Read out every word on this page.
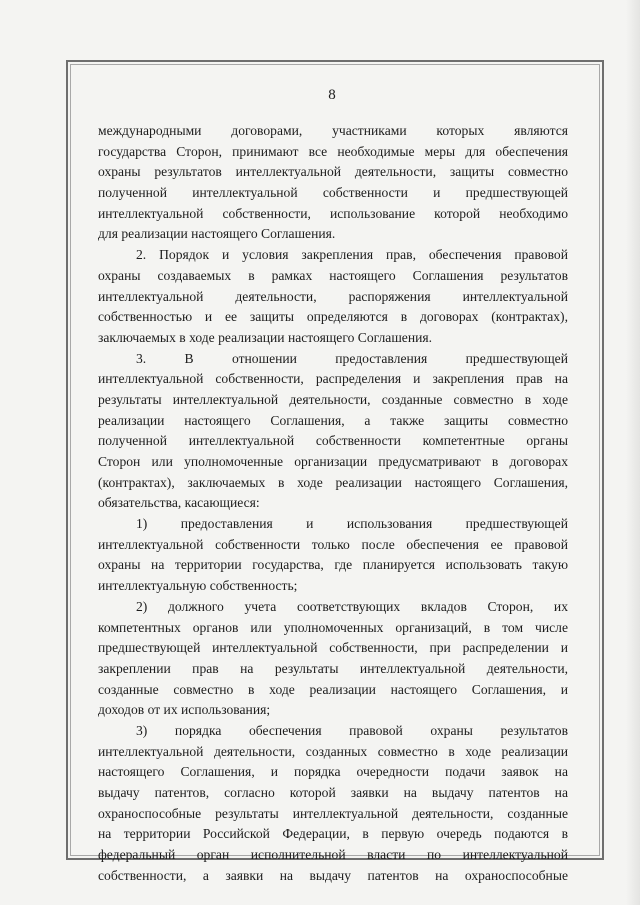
8
международными договорами, участниками которых являются
государства Сторон, принимают все необходимые меры для обеспечения
охраны результатов интеллектуальной деятельности, защиты совместно
полученной интеллектуальной собственности и предшествующей
интеллектуальной собственности, использование которой необходимо
для реализации настоящего Соглашения.
2. Порядок и условия закрепления прав, обеспечения правовой
охраны создаваемых в рамках настоящего Соглашения результатов
интеллектуальной деятельности, распоряжения интеллектуальной
собственностью и ее защиты определяются в договорах (контрактах),
заключаемых в ходе реализации настоящего Соглашения.
3. В отношении предоставления предшествующей
интеллектуальной собственности, распределения и закрепления прав на
результаты интеллектуальной деятельности, созданные совместно в ходе
реализации настоящего Соглашения, а также защиты совместно
полученной интеллектуальной собственности компетентные органы
Сторон или уполномоченные организации предусматривают в договорах
(контрактах), заключаемых в ходе реализации настоящего Соглашения,
обязательства, касающиеся:
1) предоставления и использования предшествующей
интеллектуальной собственности только после обеспечения ее правовой
охраны на территории государства, где планируется использовать такую
интеллектуальную собственность;
2) должного учета соответствующих вкладов Сторон, их
компетентных органов или уполномоченных организаций, в том числе
предшествующей интеллектуальной собственности, при распределении и
закреплении прав на результаты интеллектуальной деятельности,
созданные совместно в ходе реализации настоящего Соглашения, и
доходов от их использования;
3) порядка обеспечения правовой охраны результатов
интеллектуальной деятельности, созданных совместно в ходе реализации
настоящего Соглашения, и порядка очередности подачи заявок на
выдачу патентов, согласно которой заявки на выдачу патентов на
охраноспособные результаты интеллектуальной деятельности, созданные
на территории Российской Федерации, в первую очередь подаются в
федеральный орган исполнительной власти по интеллектуальной
собственности, а заявки на выдачу патентов на охраноспособные
